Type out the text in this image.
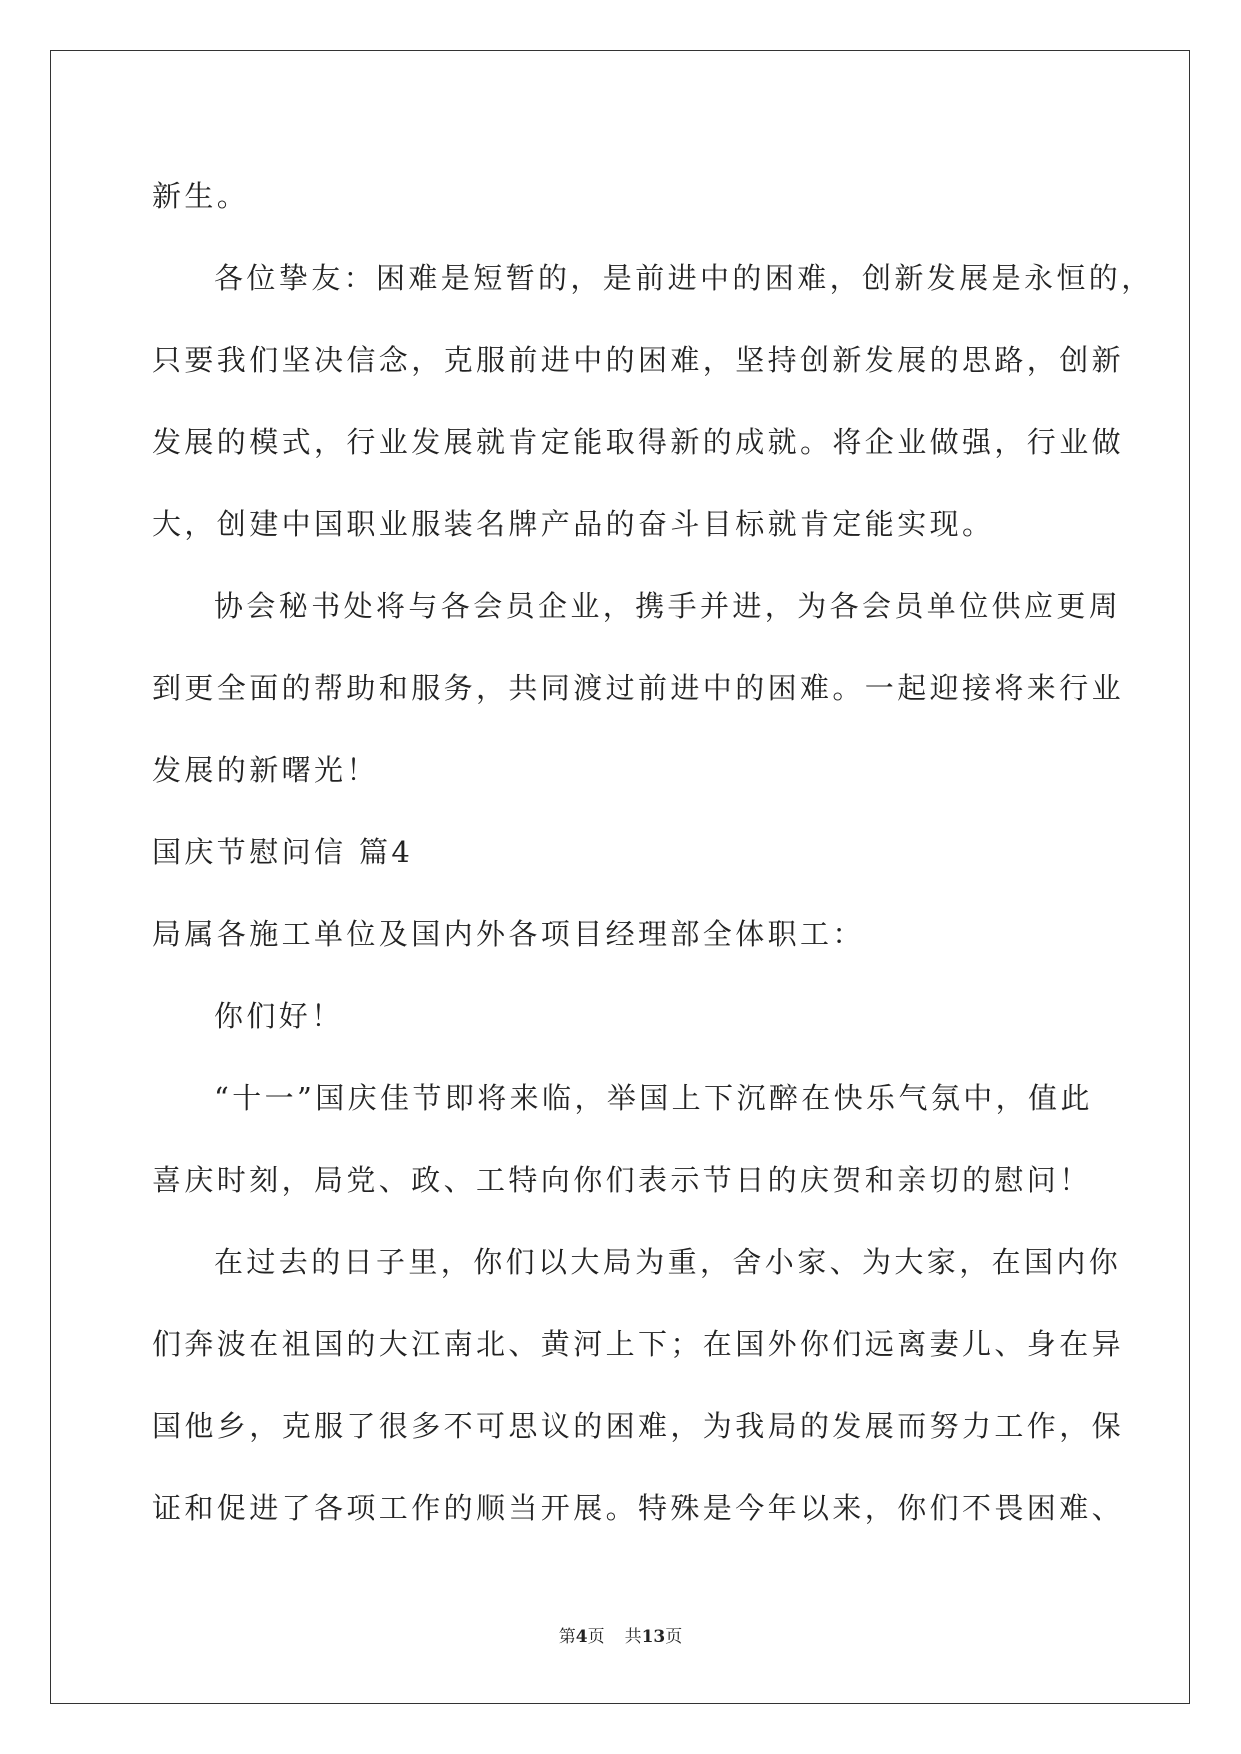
新生。

各位挚友：困难是短暂的，是前进中的困难，创新发展是永恒的，

只要我们坚决信念，克服前进中的困难，坚持创新发展的思路，创新

发展的模式，行业发展就肯定能取得新的成就。将企业做强，行业做

大，创建中国职业服装名牌产品的奋斗目标就肯定能实现。

协会秘书处将与各会员企业，携手并进，为各会员单位供应更周

到更全面的帮助和服务，共同渡过前进中的困难。一起迎接将来行业

发展的新曙光！

国庆节慰问信 篇4

局属各施工单位及国内外各项目经理部全体职工：

你们好！

“十一”国庆佳节即将来临，举国上下沉醉在快乐气氛中，值此

喜庆时刻，局党、政、工特向你们表示节日的庆贺和亲切的慰问！

在过去的日子里，你们以大局为重，舍小家、为大家，在国内你

们奔波在祖国的大江南北、黄河上下；在国外你们远离妻儿、身在异

国他乡，克服了很多不可思议的困难，为我局的发展而努力工作，保

证和促进了各项工作的顺当开展。特殊是今年以来，你们不畏困难、

第4页 共13页
